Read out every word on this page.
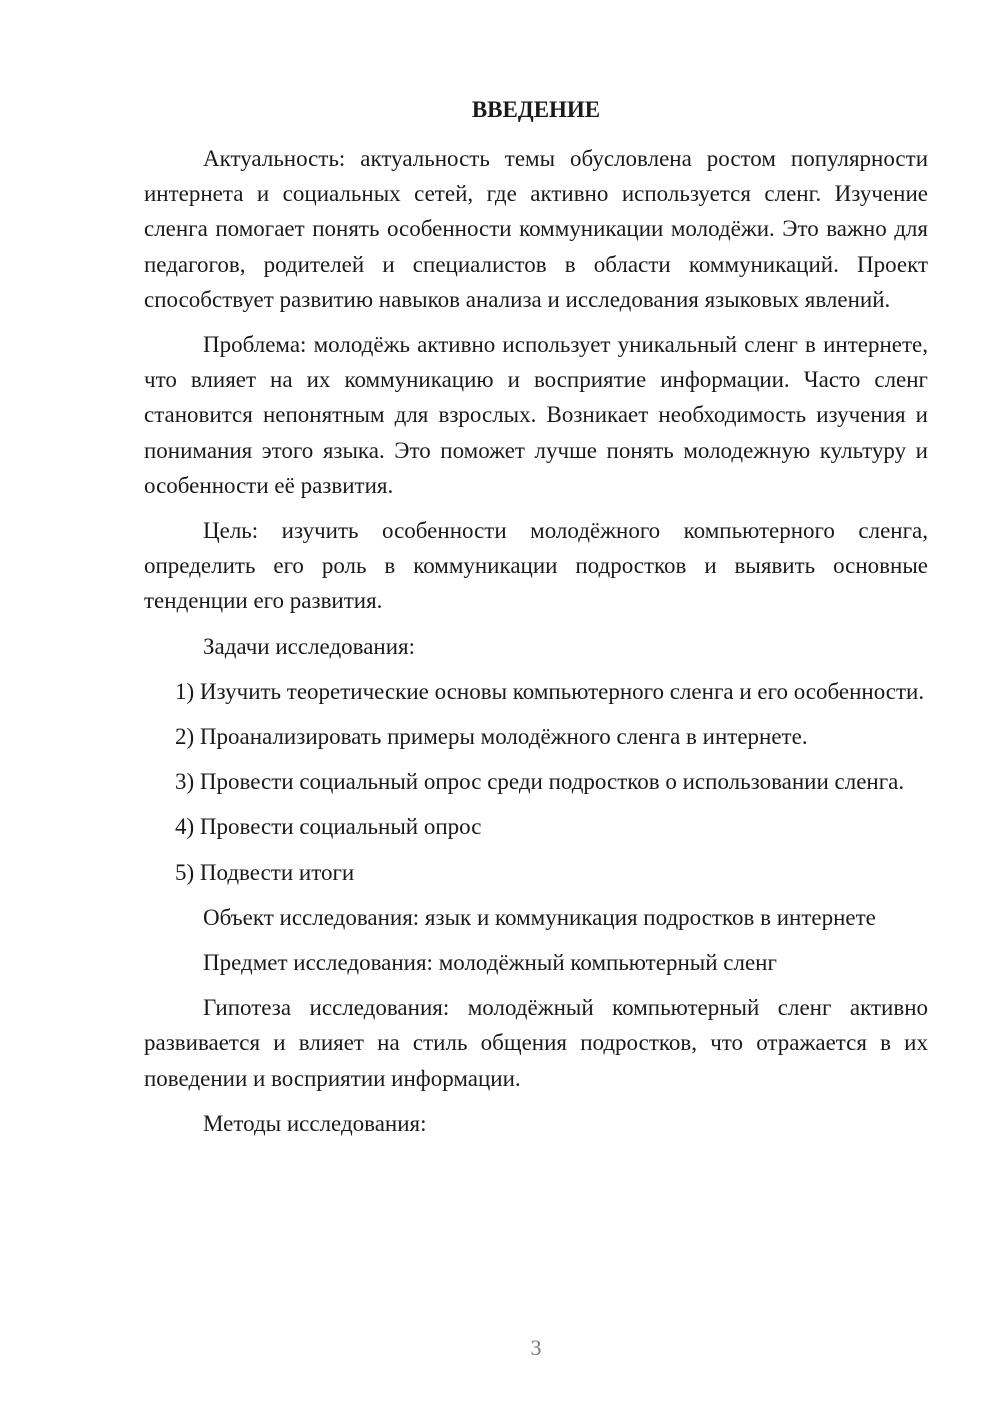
ВВЕДЕНИЕ

Актуальность: актуальность темы обусловлена ростом популярности интернета и социальных сетей, где активно используется сленг. Изучение сленга помогает понять особенности коммуникации молодёжи. Это важно для педагогов, родителей и специалистов в области коммуникаций. Проект способствует развитию навыков анализа и исследования языковых явлений.

Проблема: молодёжь активно использует уникальный сленг в интернете, что влияет на их коммуникацию и восприятие информации. Часто сленг становится непонятным для взрослых. Возникает необходимость изучения и понимания этого языка. Это поможет лучше понять молодежную культуру и особенности её развития.

Цель: изучить особенности молодёжного компьютерного сленга, определить его роль в коммуникации подростков и выявить основные тенденции его развития.

Задачи исследования:

1) Изучить теоретические основы компьютерного сленга и его особенности.

2) Проанализировать примеры молодёжного сленга в интернете.

3) Провести социальный опрос среди подростков о использовании сленга.

4) Провести социальный опрос

5) Подвести итоги

Объект исследования: язык и коммуникация подростков в интернете

Предмет исследования: молодёжный компьютерный сленг

Гипотеза исследования: молодёжный компьютерный сленг активно развивается и влияет на стиль общения подростков, что отражается в их поведении и восприятии информации.

Методы исследования:

3
